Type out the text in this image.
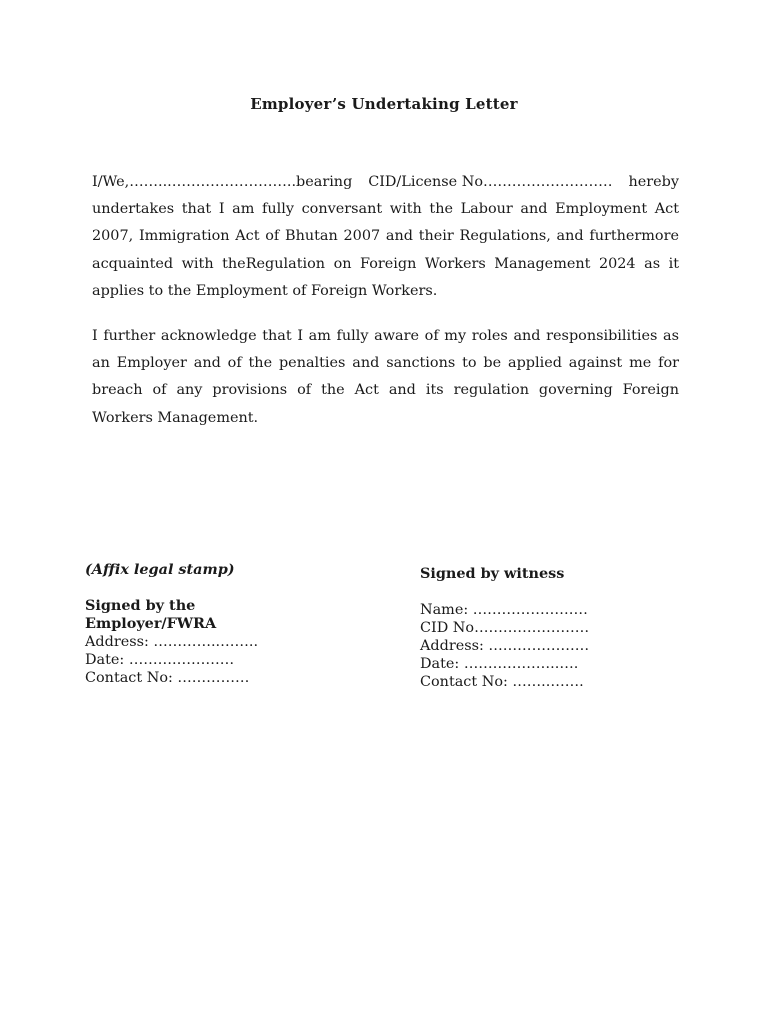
Employer’s Undertaking Letter
I/We,……...……………………..bearing CID/License No……………………… hereby
undertakes that I am fully conversant with the Labour and Employment Act 2007, Immigration Act of Bhutan 2007 and their Regulations, and furthermore acquainted with theRegulation on Foreign Workers Management 2024 as it applies to the Employment of Foreign Workers.

I further acknowledge that I am fully aware of my roles and responsibilities as an Employer and of the penalties and sanctions to be applied against me for breach of any provisions of the Act and its regulation governing Foreign Workers Management.

(Affix legal stamp)

Signed by the

Employer/FWRA

Address: …………..……..

Date: ……….…………

Contact No: ……………

Signed by witness

Name: ……………………

CID No……………………

Address: …………………

Date: ………………..….

Contact No: ……..…….
